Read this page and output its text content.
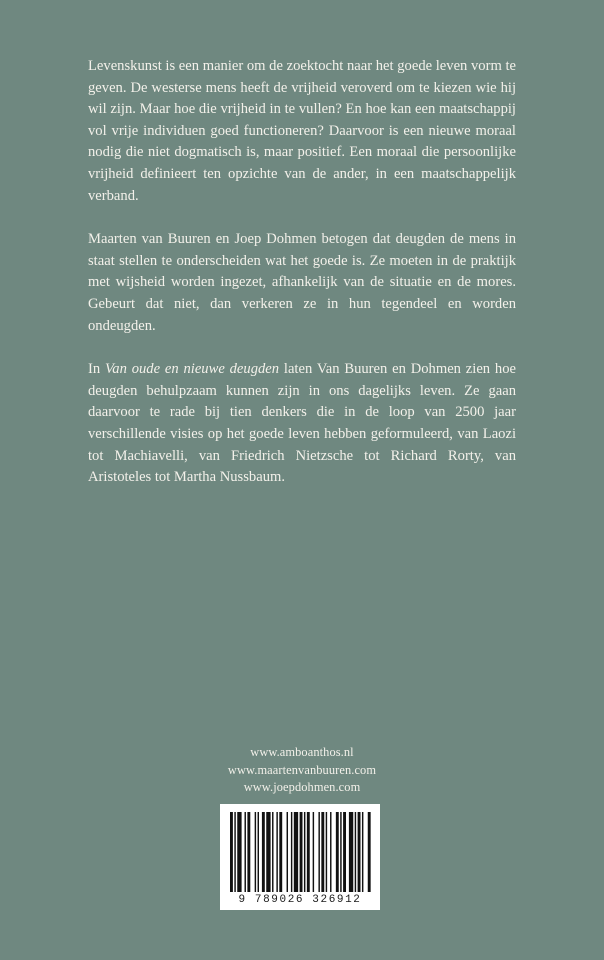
Levenskunst is een manier om de zoektocht naar het goede leven vorm te geven. De westerse mens heeft de vrijheid veroverd om te kiezen wie hij wil zijn. Maar hoe die vrijheid in te vullen? En hoe kan een maatschappij vol vrije individuen goed functioneren? Daarvoor is een nieuwe moraal nodig die niet dogmatisch is, maar positief. Een moraal die persoonlijke vrijheid definieert ten opzichte van de ander, in een maatschappelijk verband.

Maarten van Buuren en Joep Dohmen betogen dat deugden de mens in staat stellen te onderscheiden wat het goede is. Ze moeten in de praktijk met wijsheid worden ingezet, afhankelijk van de situatie en de mores. Gebeurt dat niet, dan verkeren ze in hun tegendeel en worden ondeugden.

In Van oude en nieuwe deugden laten Van Buuren en Dohmen zien hoe deugden behulpzaam kunnen zijn in ons dagelijks leven. Ze gaan daarvoor te rade bij tien denkers die in de loop van 2500 jaar verschillende visies op het goede leven hebben geformuleerd, van Laozi tot Machiavelli, van Friedrich Nietzsche tot Richard Rorty, van Aristoteles tot Martha Nussbaum.

www.amboanthos.nl
www.maartenvanbuuren.com
www.joepdohmen.com
9 789026 326912
